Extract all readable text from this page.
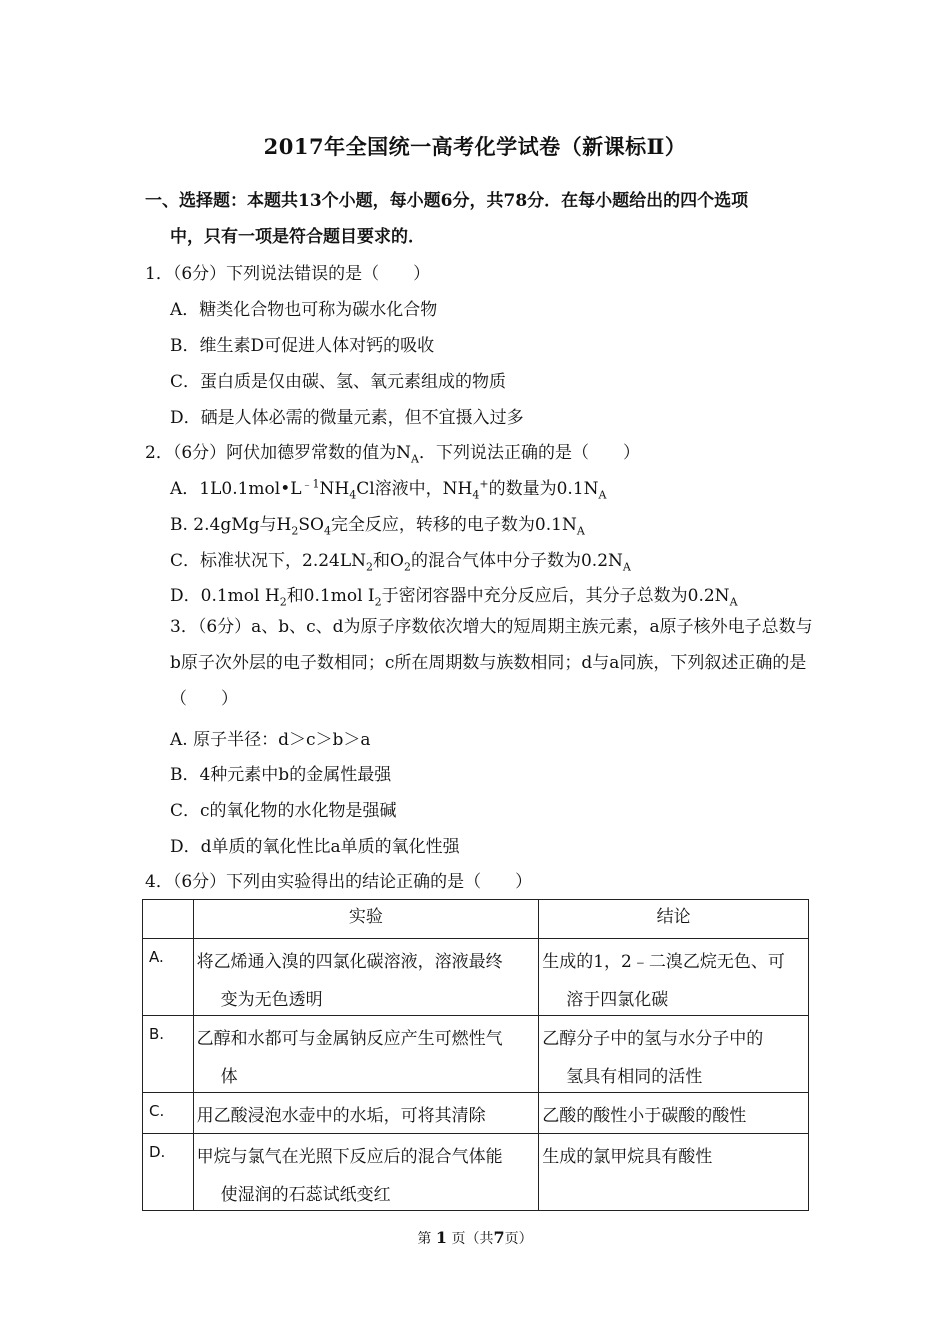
2017年全国统一高考化学试卷（新课标Ⅱ）
一、选择题：本题共13个小题，每小题6分，共78分．在每小题给出的四个选项
中，只有一项是符合题目要求的．
1．（6分）下列说法错误的是（　　）
A．糖类化合物也可称为碳水化合物
B．维生素D可促进人体对钙的吸收
C．蛋白质是仅由碳、氢、氧元素组成的物质
D．硒是人体必需的微量元素，但不宜摄入过多
2．（6分）阿伏加德罗常数的值为$N_A$．下列说法正确的是（　　）
A．$1L0.1mol•L^{﹣1}NH_4Cl$溶液中，$NH_4^+$的数量为$0.1N_A$
B. 2.4gMg与$H_2SO_4$完全反应，转移的电子数为$0.1N_A$
C．标准状况下，$2.24LN_2$和$O_2$的混合气体中分子数为$0.2N_A$
D．0.1mol $H_2$和0.1mol $I_2$于密闭容器中充分反应后，其分子总数为$0.2N_A$
3．（6分）a、b、c、d为原子序数依次增大的短周期主族元素，a原子核外电子总数与b原子次外层的电子数相同；c所在周期数与族数相同；d与a同族，下列叙述正确的是（　　）
A. 原子半径：d＞c＞b＞a
B．4种元素中b的金属性最强
C．c的氧化物的水化物是强碱
D．d单质的氧化性比a单质的氧化性强
4．（6分）下列由实验得出的结论正确的是（　　）
	实验	结论
A.	将乙烯通入溴的四氯化碳溶液，溶液最终
变为无色透明	生成的1，2﹣二溴乙烷无色、可
溶于四氯化碳

B.	乙醇和水都可与金属钠反应产生可燃性气
体	乙醇分子中的氢与水分子中的
氢具有相同的活性

C.	用乙酸浸泡水壶中的水垢，可将其清除	乙酸的酸性小于碳酸的酸性

D.	甲烷与氯气在光照下反应后的混合气体能
使湿润的石蕊试纸变红	生成的氯甲烷具有酸性
第 1 页（共7页）
